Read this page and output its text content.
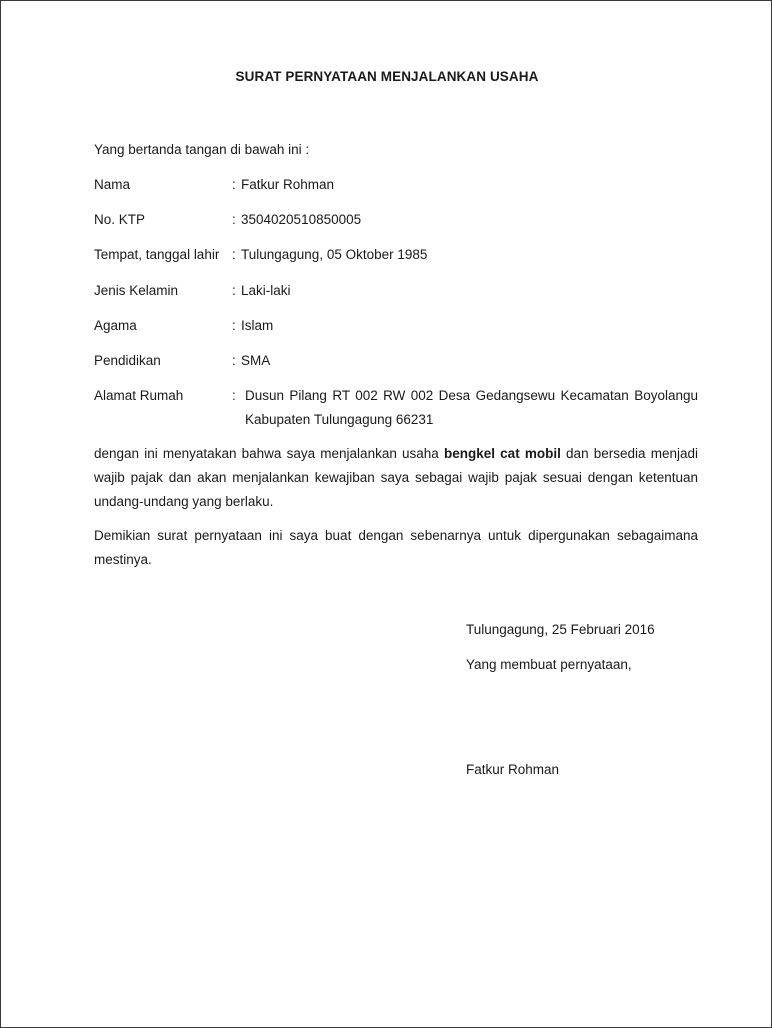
SURAT PERNYATAAN MENJALANKAN USAHA
Yang bertanda tangan di bawah ini :
Nama	: Fatkur Rohman
No. KTP	: 3504020510850005
Tempat, tanggal lahir : Tulungagung, 05 Oktober 1985
Jenis Kelamin	: Laki-laki
Agama	: Islam
Pendidikan	: SMA
Alamat Rumah	: Dusun Pilang RT 002 RW 002 Desa Gedangsewu Kecamatan Boyolangu Kabupaten Tulungagung 66231
dengan ini menyatakan bahwa saya menjalankan usaha bengkel cat mobil dan bersedia menjadi wajib pajak dan akan menjalankan kewajiban saya sebagai wajib pajak sesuai dengan ketentuan undang-undang yang berlaku.
Demikian surat pernyataan ini saya buat dengan sebenarnya untuk dipergunakan sebagaimana mestinya.
Tulungagung, 25 Februari 2016
Yang membuat pernyataan,
Fatkur Rohman
